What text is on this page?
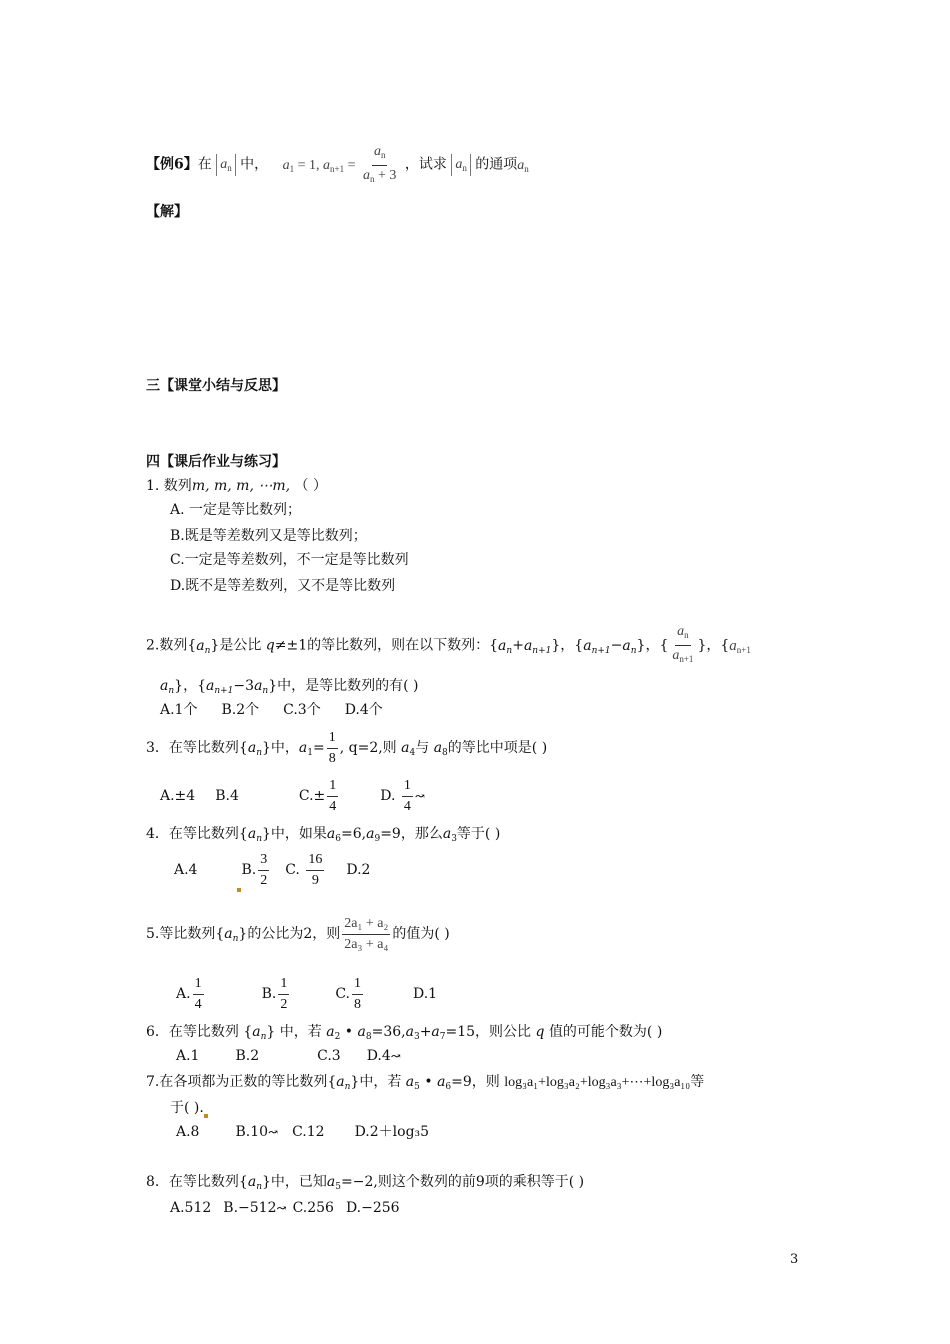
【例6】在 $a_n$ 中， $a_1 = 1$, $a_{n+1} = \frac{a_n}{a_n + 3}$ ，试求 $a_n$ 的通项$a_n$
【解】
三【课堂小结与反思】
四【课后作业与练习】
1. 数列m, m, m, ⋯m, （ ）
A. 一定是等比数列；
B.既是等差数列又是等比数列；
C.一定是等差数列，不一定是等比数列
D.既不是等差数列，又不是等比数列
2.数列$\{a_n\}$是公比 q≠±1的等比数列，则在以下数列：$\{a_n+a_{n+1}\}$，$\{a_{n+1}-a_n\}$，{ $\frac{a_n}{a_{n+1}}$ }，{$a_{n+1}$
$a_n$}，$\{a_{n+1}-3a_n\}$中，是等比数列的有( )
A.1个 B.2个 C.3个 D.4个
3．在等比数列$\{a_n\}$中，$a_1= \frac{1}{8}$ , q=2,则 $a_4$与 $a_8$的等比中项是( )
A.±4 B.4	$C.\pm \frac{1}{4}$	D. $\frac{1}{4}$ ↝
4．在等比数列$\{a_n\}$中，如果$a_6=6,a_9=9$，那么$a_3$等于( )
A.4	B. $\frac{3}{2} C$. $\frac{16}{9} D.2$
5.等比数列$\{a_n\}$的公比为2，则 $\frac{\text{2a₁ + a₂}}{\text{2a₃ + a₄}}$ 的值为( )
A. $\frac{1}{4}$	B. $\frac{1}{2}$	C. $\frac{1}{8}$	D.1
6．在等比数列 $\{a_n\}$ 中，若 $a_2$ • $a_8=36,a_3+a_7=15$，则公比 q 值的可能个数为( )
A.1	B.2	C.3 D.4↝
7.在各项都为正数的等比数列$\{a_n\}$中，若 $a_5$ • $a_6=9$，则 log₃a₁+log₃a₂+log₃a₃+⋯+log₃a₁₀等
于( ).
A.8	B.10↝ C.12 D.2＋log₃5
8．在等比数列$\{a_n\}$中，已知$a_5=-2$,则这个数列的前9项的乘积等于( )
A.512 B.−512↝ C.256 D.−256
3
